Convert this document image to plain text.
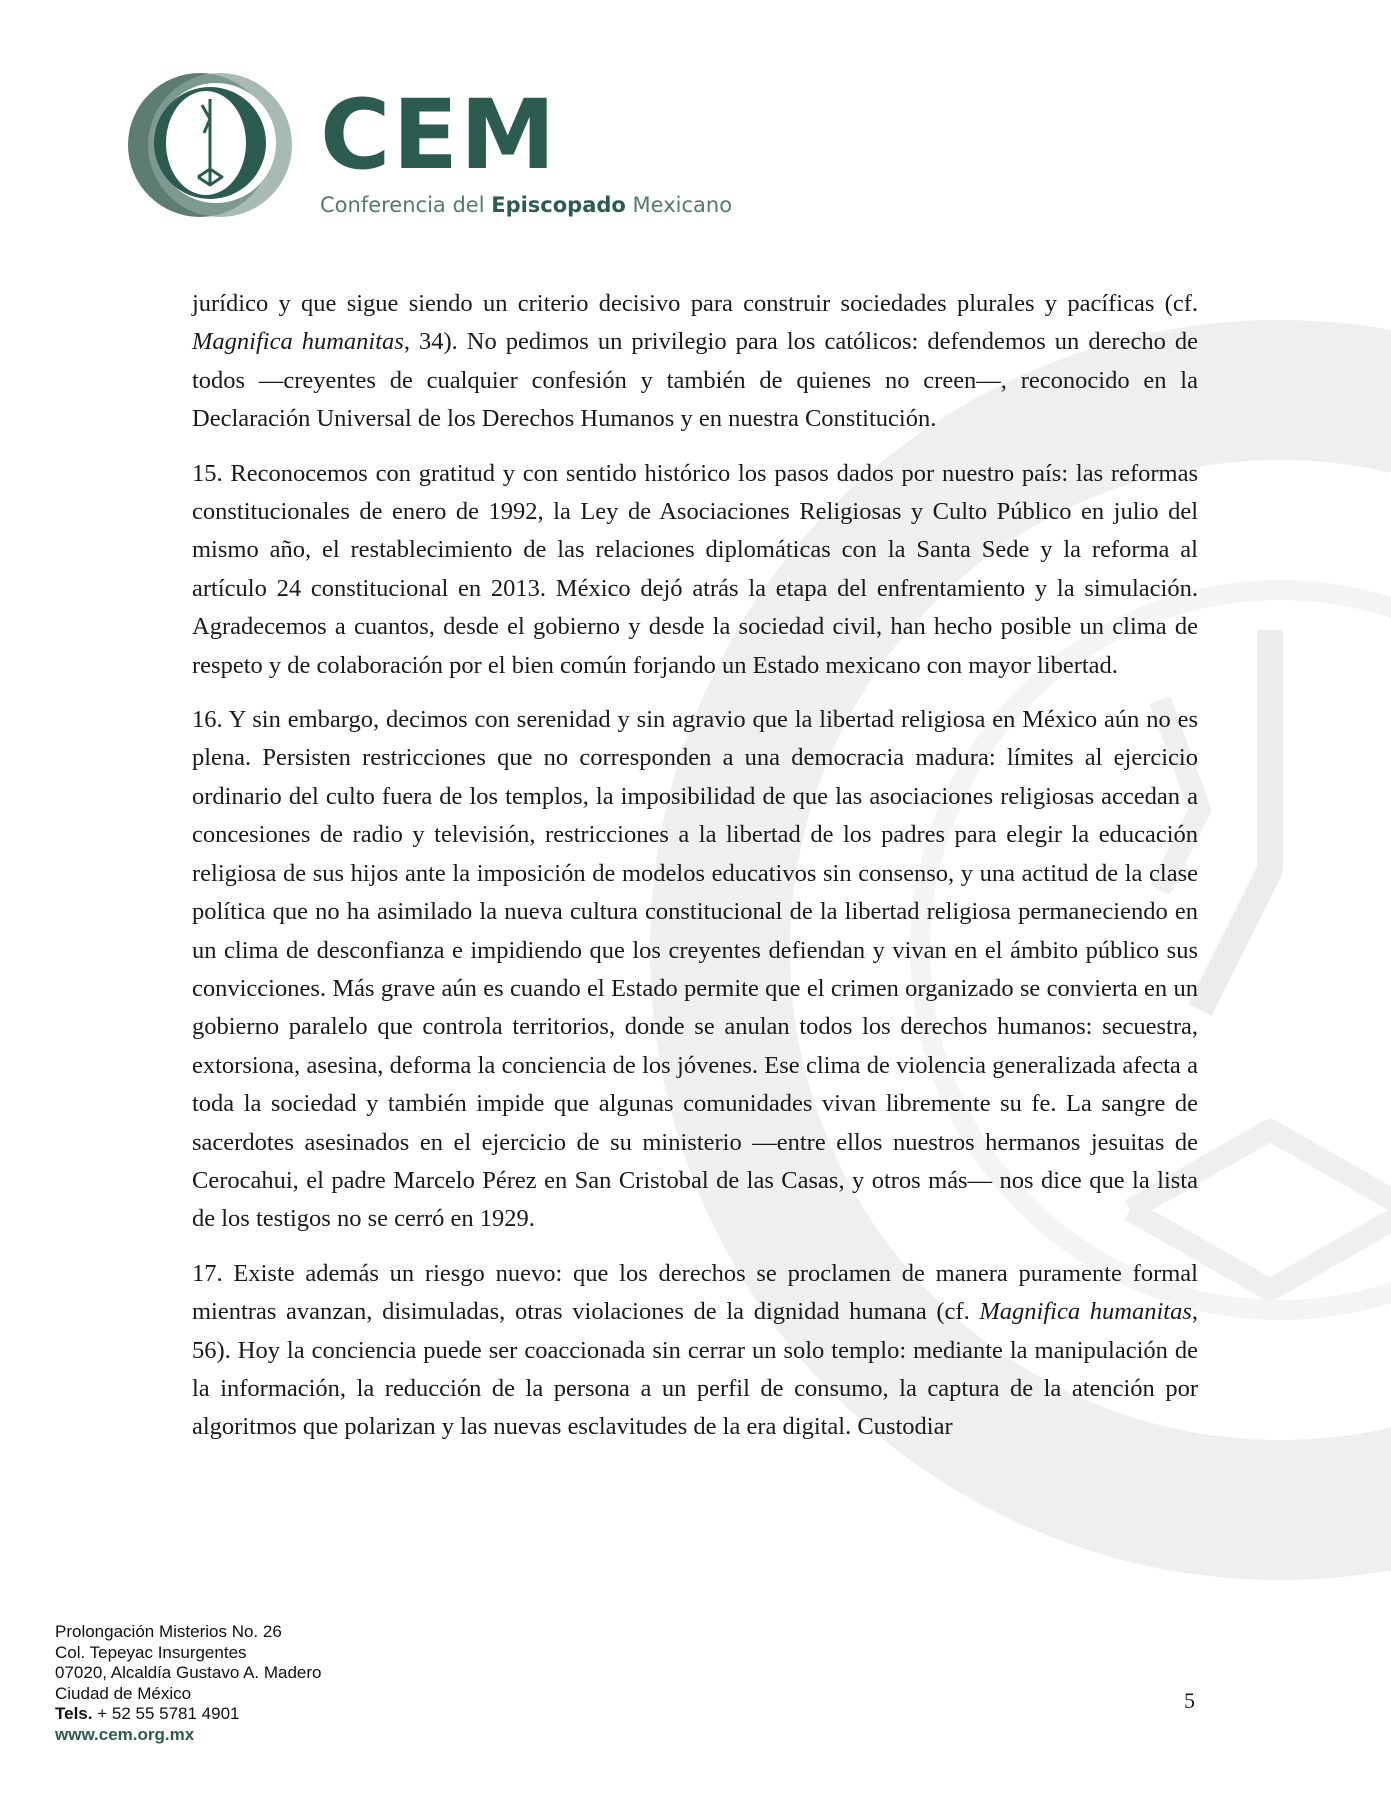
CEM
Conferencia del Episcopado Mexicano

jurídico y que sigue siendo un criterio decisivo para construir sociedades plurales y pacíficas (cf. Magnifica humanitas, 34). No pedimos un privilegio para los católicos: defendemos un derecho de todos —creyentes de cualquier confesión y también de quienes no creen—, reconocido en la Declaración Universal de los Derechos Humanos y en nuestra Constitución.

15. Reconocemos con gratitud y con sentido histórico los pasos dados por nuestro país: las reformas constitucionales de enero de 1992, la Ley de Asociaciones Religiosas y Culto Público en julio del mismo año, el restablecimiento de las relaciones diplomáticas con la Santa Sede y la reforma al artículo 24 constitucional en 2013. México dejó atrás la etapa del enfrentamiento y la simulación. Agradecemos a cuantos, desde el gobierno y desde la sociedad civil, han hecho posible un clima de respeto y de colaboración por el bien común forjando un Estado mexicano con mayor libertad.

16. Y sin embargo, decimos con serenidad y sin agravio que la libertad religiosa en México aún no es plena. Persisten restricciones que no corresponden a una democracia madura: límites al ejercicio ordinario del culto fuera de los templos, la imposibilidad de que las asociaciones religiosas accedan a concesiones de radio y televisión, restricciones a la libertad de los padres para elegir la educación religiosa de sus hijos ante la imposición de modelos educativos sin consenso, y una actitud de la clase política que no ha asimilado la nueva cultura constitucional de la libertad religiosa permaneciendo en un clima de desconfianza e impidiendo que los creyentes defiendan y vivan en el ámbito público sus convicciones. Más grave aún es cuando el Estado permite que el crimen organizado se convierta en un gobierno paralelo que controla territorios, donde se anulan todos los derechos humanos: secuestra, extorsiona, asesina, deforma la conciencia de los jóvenes. Ese clima de violencia generalizada afecta a toda la sociedad y también impide que algunas comunidades vivan libremente su fe. La sangre de sacerdotes asesinados en el ejercicio de su ministerio —entre ellos nuestros hermanos jesuitas de Cerocahui, el padre Marcelo Pérez en San Cristobal de las Casas, y otros más— nos dice que la lista de los testigos no se cerró en 1929.

17. Existe además un riesgo nuevo: que los derechos se proclamen de manera puramente formal mientras avanzan, disimuladas, otras violaciones de la dignidad humana (cf. Magnifica humanitas, 56). Hoy la conciencia puede ser coaccionada sin cerrar un solo templo: mediante la manipulación de la información, la reducción de la persona a un perfil de consumo, la captura de la atención por algoritmos que polarizan y las nuevas esclavitudes de la era digital. Custodiar

Prolongación Misterios No. 26
Col. Tepeyac Insurgentes
07020, Alcaldía Gustavo A. Madero
Ciudad de México
Tels. + 52 55 5781 4901
www.cem.org.mx
5
